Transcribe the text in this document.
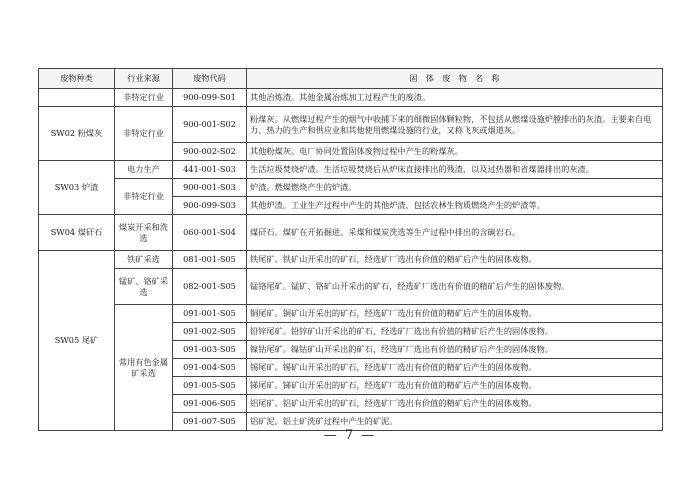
废物种类	行业来源	废物代码	固　体　废　物　名　称
	非特定行业	900-099-S01	其他冶炼渣。其他金属冶炼加工过程产生的废渣。
SW02 粉煤灰	非特定行业	900-001-S02	粉煤灰。从燃煤过程产生的烟气中收捕下来的细微固体颗粒物，不包括从燃煤设施炉膛排出的灰渣。主要来自电力、热力的生产和供应业和其他使用燃煤设施的行业，又称飞灰或烟道灰。
		900-002-S02	其他粉煤灰。电厂协同处置固体废物过程中产生的粉煤灰。
SW03 炉渣	电力生产	441-001-S03	生活垃圾焚烧炉渣。生活垃圾焚烧后从炉床直接排出的残渣，以及过热器和省煤器排出的灰渣。
	非特定行业	900-001-S03	炉渣。燃煤燃烧产生的炉渣。
		900-099-S03	其他炉渣。工业生产过程中产生的其他炉渣，包括农林生物质燃烧产生的炉渣等。
SW04 煤矸石	煤炭开采和洗选	060-001-S04	煤矸石。煤矿在开拓掘进、采煤和煤炭洗选等生产过程中排出的含碳岩石。
SW05 尾矿	铁矿采选	081-001-S05	铁尾矿。铁矿山开采出的矿石，经选矿厂选出有价值的精矿后产生的固体废物。
	锰矿、铬矿采选	082-001-S05	锰铬尾矿。锰矿、铬矿山开采出的矿石，经选矿厂选出有价值的精矿后产生的固体废物。
	常用有色金属矿采选	091-001-S05	铜尾矿。铜矿山开采出的矿石，经选矿厂选出有价值的精矿后产生的固体废物。
		091-002-S05	铅锌尾矿。铅锌矿山开采出的矿石，经选矿厂选出有价值的精矿后产生的固体废物。
		091-003-S05	镍钴尾矿。镍钴矿山开采出的矿石，经选矿厂选出有价值的精矿后产生的固体废物。
		091-004-S05	锡尾矿。锡矿山开采出的矿石，经选矿厂选出有价值的精矿后产生的固体废物。
		091-005-S05	锑尾矿。锑矿山开采出的矿石，经选矿厂选出有价值的精矿后产生的固体废物。
		091-006-S05	铝尾矿。铝矿山开采出的矿石，经选矿厂选出有价值的精矿后产生的固体废物。
		091-007-S05	铝矿泥。铝土矿洗矿过程中产生的矿泥。
— 7 —
